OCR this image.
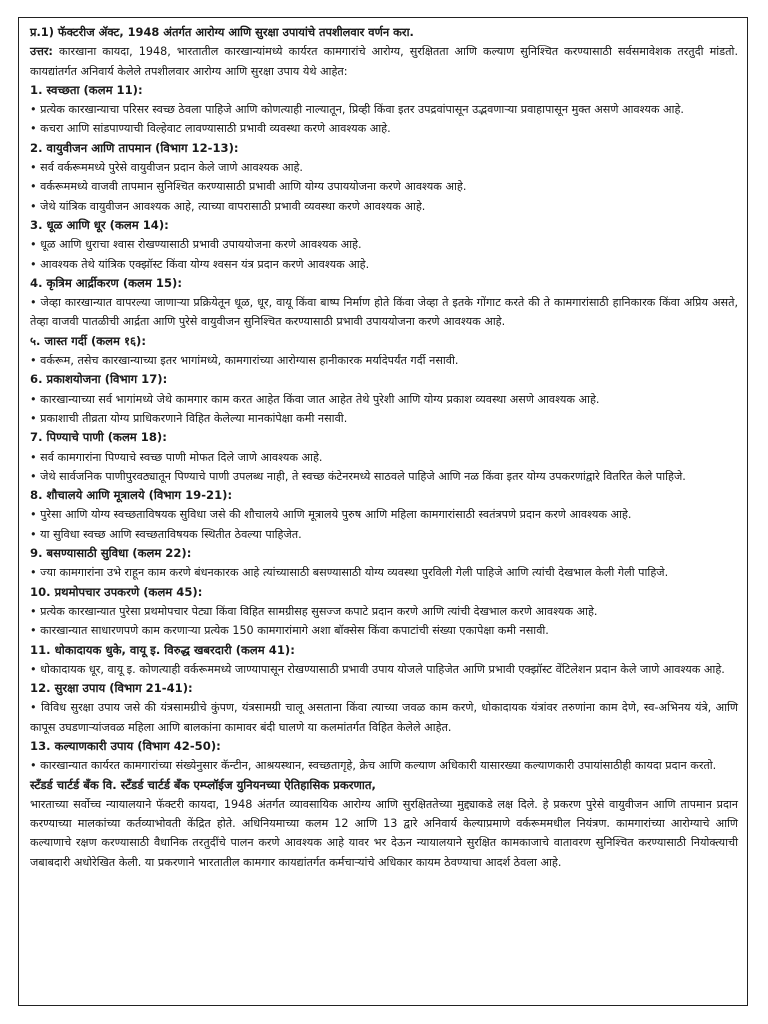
प्र.1) फॅक्टरीज ॲक्ट, 1948 अंतर्गत आरोग्य आणि सुरक्षा उपायांचे तपशीलवार वर्णन करा.

उत्तर: कारखाना कायदा, 1948, भारतातील कारखान्यांमध्ये कार्यरत कामगारांचे आरोग्य, सुरक्षितता आणि कल्याण सुनिश्चित करण्यासाठी सर्वसमावेशक तरतुदी मांडतो. कायद्यांतर्गत अनिवार्य केलेले तपशीलवार आरोग्य आणि सुरक्षा उपाय येथे आहेत:

1. स्वच्छता (कलम 11):

• प्रत्येक कारखान्याचा परिसर स्वच्छ ठेवला पाहिजे आणि कोणत्याही नाल्यातून, प्रिव्ही किंवा इतर उपद्रवांपासून उद्भवणाऱ्या प्रवाहापासून मुक्त असणे आवश्यक आहे.

• कचरा आणि सांडपाण्याची विल्हेवाट लावण्यासाठी प्रभावी व्यवस्था करणे आवश्यक आहे.

2. वायुवीजन आणि तापमान (विभाग 12-13):

• सर्व वर्करूममध्ये पुरेसे वायुवीजन प्रदान केले जाणे आवश्यक आहे.

• वर्करूममध्ये वाजवी तापमान सुनिश्चित करण्यासाठी प्रभावी आणि योग्य उपाययोजना करणे आवश्यक आहे.

• जेथे यांत्रिक वायुवीजन आवश्यक आहे, त्याच्या वापरासाठी प्रभावी व्यवस्था करणे आवश्यक आहे.

3. धूळ आणि धूर (कलम 14):

• धूळ आणि धुराचा श्वास रोखण्यासाठी प्रभावी उपाययोजना करणे आवश्यक आहे.

• आवश्यक तेथे यांत्रिक एक्झॉस्ट किंवा योग्य श्वसन यंत्र प्रदान करणे आवश्यक आहे.

4. कृत्रिम आर्द्रीकरण (कलम 15):

• जेव्हा कारखान्यात वापरल्या जाणाऱ्या प्रक्रियेतून धूळ, धूर, वायू किंवा बाष्प निर्माण होते किंवा जेव्हा ते इतके गोंगाट करते की ते कामगारांसाठी हानिकारक किंवा अप्रिय असते, तेव्हा वाजवी पातळीची आर्द्रता आणि पुरेसे वायुवीजन सुनिश्चित करण्यासाठी प्रभावी उपाययोजना करणे आवश्यक आहे.

५. जास्त गर्दी (कलम १६):

• वर्करूम, तसेच कारखान्याच्या इतर भागांमध्ये, कामगारांच्या आरोग्यास हानीकारक मर्यादेपर्यंत गर्दी नसावी.

6. प्रकाशयोजना (विभाग 17):

• कारखान्याच्या सर्व भागांमध्ये जेथे कामगार काम करत आहेत किंवा जात आहेत तेथे पुरेशी आणि योग्य प्रकाश व्यवस्था असणे आवश्यक आहे.

• प्रकाशाची तीव्रता योग्य प्राधिकरणाने विहित केलेल्या मानकांपेक्षा कमी नसावी.

7. पिण्याचे पाणी (कलम 18):

• सर्व कामगारांना पिण्याचे स्वच्छ पाणी मोफत दिले जाणे आवश्यक आहे.

• जेथे सार्वजनिक पाणीपुरवठ्यातून पिण्याचे पाणी उपलब्ध नाही, ते स्वच्छ कंटेनरमध्ये साठवले पाहिजे आणि नळ किंवा इतर योग्य उपकरणांद्वारे वितरित केले पाहिजे.

8. शौचालये आणि मूत्रालये (विभाग 19-21):

• पुरेसा आणि योग्य स्वच्छताविषयक सुविधा जसे की शौचालये आणि मूत्रालये पुरुष आणि महिला कामगारांसाठी स्वतंत्रपणे प्रदान करणे आवश्यक आहे.

• या सुविधा स्वच्छ आणि स्वच्छताविषयक स्थितीत ठेवल्या पाहिजेत.

9. बसण्यासाठी सुविधा (कलम 22):

• ज्या कामगारांना उभे राहून काम करणे बंधनकारक आहे त्यांच्यासाठी बसण्यासाठी योग्य व्यवस्था पुरविली गेली पाहिजे आणि त्यांची देखभाल केली गेली पाहिजे.

10. प्रथमोपचार उपकरणे (कलम 45):

• प्रत्येक कारखान्यात पुरेसा प्रथमोपचार पेट्या किंवा विहित सामग्रीसह सुसज्ज कपाटे प्रदान करणे आणि त्यांची देखभाल करणे आवश्यक आहे.

• कारखान्यात साधारणपणे काम करणाऱ्या प्रत्येक 150 कामगारांमागे अशा बॉक्सेस किंवा कपाटांची संख्या एकापेक्षा कमी नसावी.

11. धोकादायक धुके, वायू इ. विरुद्ध खबरदारी (कलम 41):

• धोकादायक धूर, वायू इ. कोणत्याही वर्करूममध्ये जाण्यापासून रोखण्यासाठी प्रभावी उपाय योजले पाहिजेत आणि प्रभावी एक्झॉस्ट वेंटिलेशन प्रदान केले जाणे आवश्यक आहे.

12. सुरक्षा उपाय (विभाग 21-41):

• विविध सुरक्षा उपाय जसे की यंत्रसामग्रीचे कुंपण, यंत्रसामग्री चालू असताना किंवा त्याच्या जवळ काम करणे, धोकादायक यंत्रांवर तरुणांना काम देणे, स्व-अभिनय यंत्रे, आणि कापूस उघडणाऱ्यांजवळ महिला आणि बालकांना कामावर बंदी घालणे या कलमांतर्गत विहित केलेले आहेत.

13. कल्याणकारी उपाय (विभाग 42-50):

• कारखान्यात कार्यरत कामगारांच्या संख्येनुसार कॅन्टीन, आश्रयस्थान, स्वच्छतागृहे, क्रेच आणि कल्याण अधिकारी यासारख्या कल्याणकारी उपायांसाठीही कायदा प्रदान करतो.

स्टँडर्ड चार्टर्ड बँक वि. स्टँडर्ड चार्टर्ड बँक एम्प्लॉईज युनियनच्या ऐतिहासिक प्रकरणात,

भारताच्या सर्वोच्च न्यायालयाने फॅक्टरी कायदा, 1948 अंतर्गत व्यावसायिक आरोग्य आणि सुरक्षिततेच्या मुद्द्याकडे लक्ष दिले. हे प्रकरण पुरेसे वायुवीजन आणि तापमान प्रदान करण्याच्या मालकांच्या कर्तव्याभोवती केंद्रित होते. अधिनियमाच्या कलम 12 आणि 13 द्वारे अनिवार्य केल्याप्रमाणे वर्करूममधील नियंत्रण. कामगारांच्या आरोग्याचे आणि कल्याणाचे रक्षण करण्यासाठी वैधानिक तरतुदींचे पालन करणे आवश्यक आहे यावर भर देऊन न्यायालयाने सुरक्षित कामकाजाचे वातावरण सुनिश्चित करण्यासाठी नियोक्त्याची जबाबदारी अधोरेखित केली. या प्रकरणाने भारतातील कामगार कायद्यांतर्गत कर्मचाऱ्यांचे अधिकार कायम ठेवण्याचा आदर्श ठेवला आहे.
